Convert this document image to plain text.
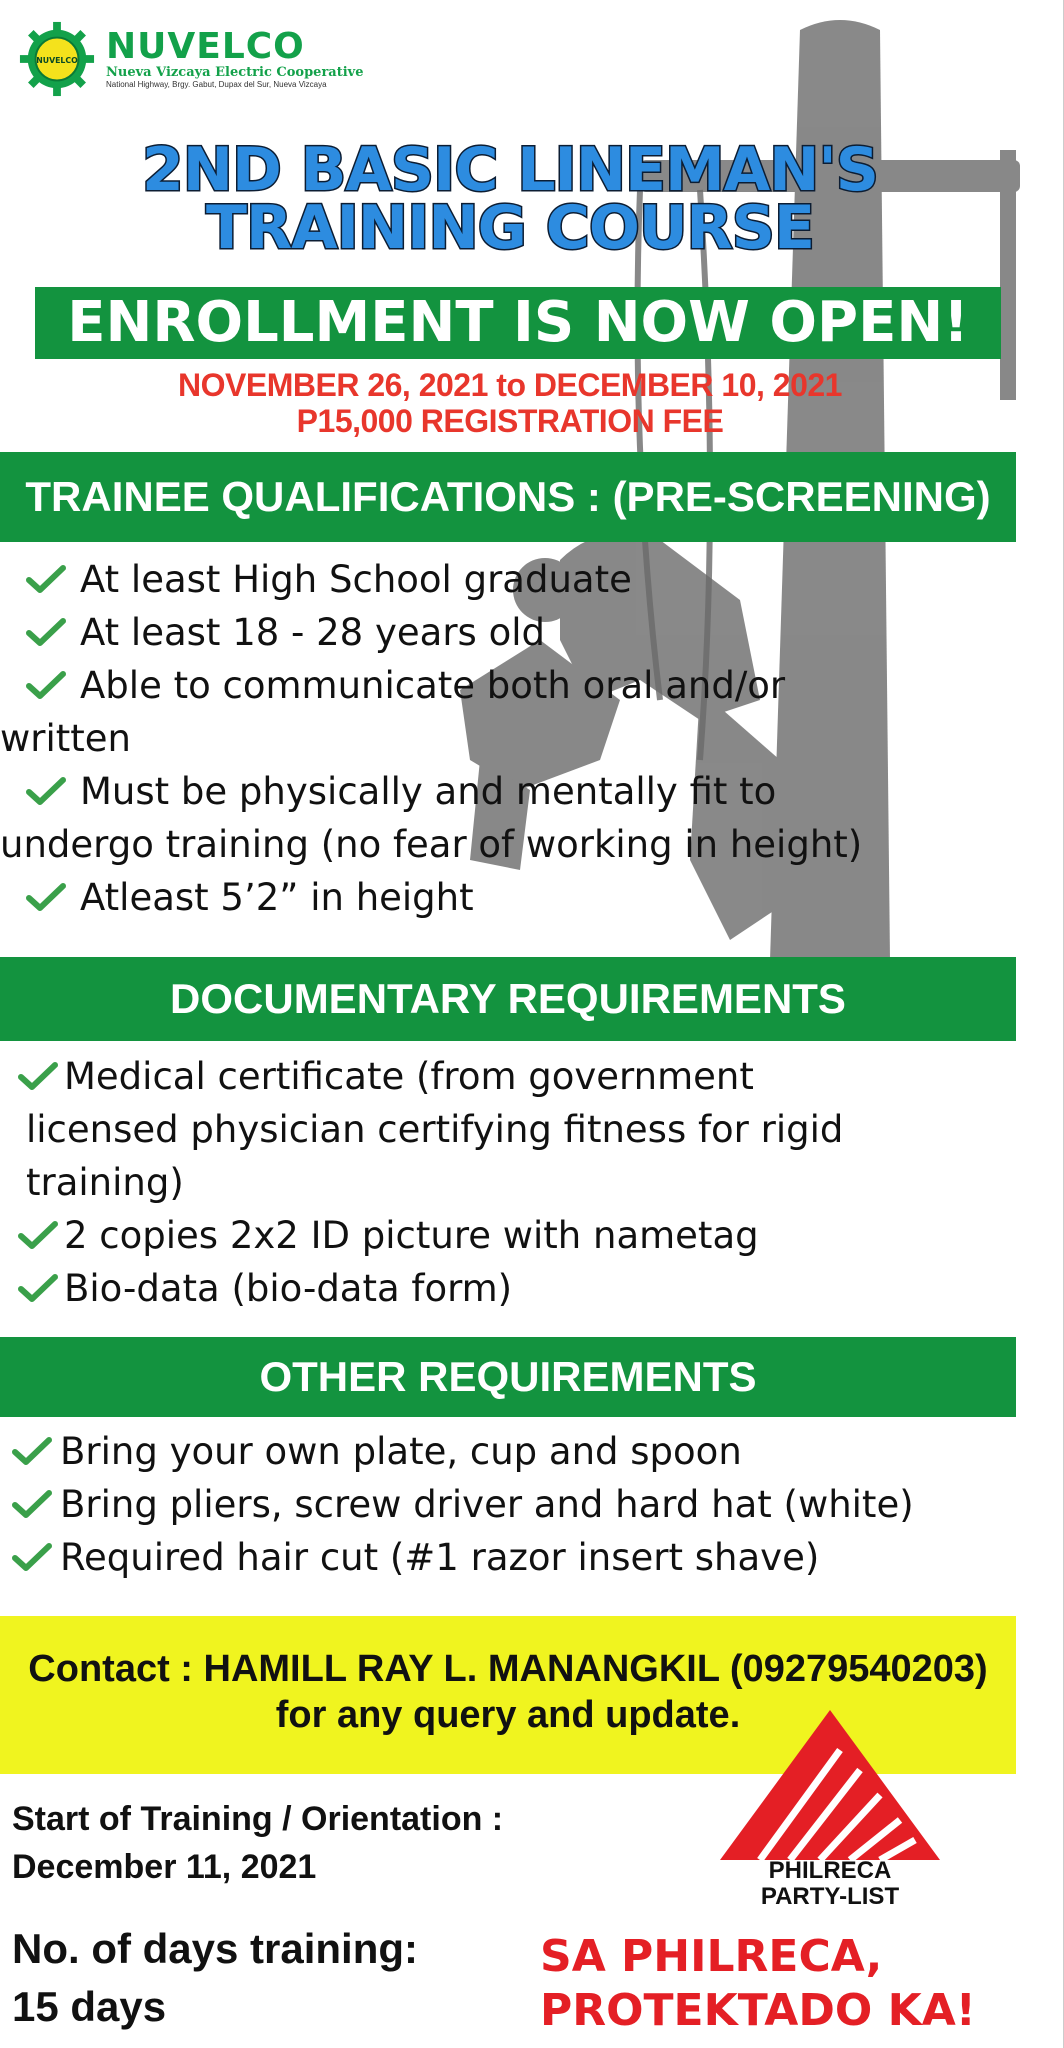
NUVELCO NUVELCO
Nueva Vizcaya Electric Cooperative
National Highway, Brgy. Gabut, Dupax del Sur, Nueva Vizcaya
2ND BASIC LINEMAN'S
TRAINING COURSE
ENROLLMENT IS NOW OPEN!
NOVEMBER 26, 2021 to DECEMBER 10, 2021
P15,000 REGISTRATION FEE
TRAINEE QUALIFICATIONS : (PRE-SCREENING)
At least High School graduate
At least 18 - 28 years old
Able to communicate both oral and/or
written
Must be physically and mentally fit to
undergo training (no fear of working in height)
Atleast 5’2” in height
DOCUMENTARY REQUIREMENTS
Medical certificate (from government
licensed physician certifying fitness for rigid
training)
2 copies 2x2 ID picture with nametag
Bio-data (bio-data form)
OTHER REQUIREMENTS
Bring your own plate, cup and spoon
Bring pliers, screw driver and hard hat (white)
Required hair cut (#1 razor insert shave)
Contact : HAMILL RAY L. MANANGKIL (09279540203)
for any query and update.
Start of Training / Orientation :
December 11, 2021
No. of days training:
15 days
PHILRECA
PARTY-LIST
SA PHILRECA,
PROTEKTADO KA!
